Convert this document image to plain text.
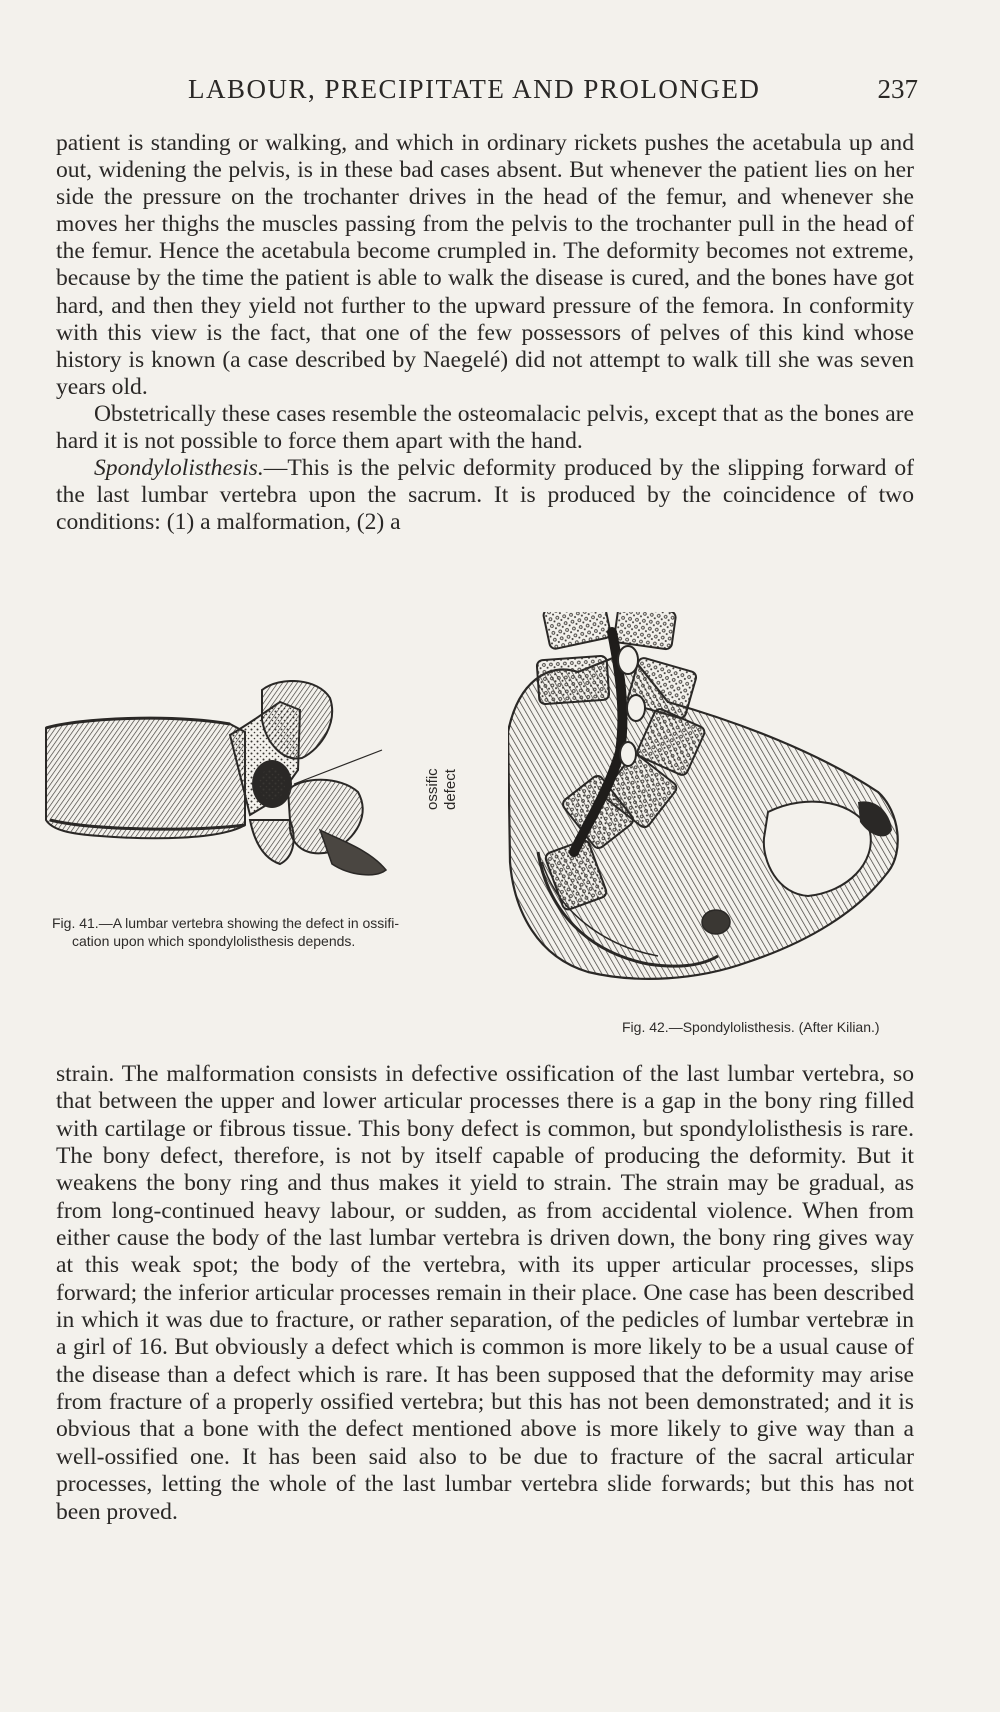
LABOUR, PRECIPITATE AND PROLONGED	237

patient is standing or walking, and which in ordinary rickets pushes the acetabula up and out, widening the pelvis, is in these bad cases absent. But whenever the patient lies on her side the pressure on the trochanter drives in the head of the femur, and whenever she moves her thighs the muscles passing from the pelvis to the trochanter pull in the head of the femur. Hence the acetabula become crumpled in. The deformity becomes not extreme, because by the time the patient is able to walk the disease is cured, and the bones have got hard, and then they yield not further to the upward pressure of the femora. In conformity with this view is the fact, that one of the few possessors of pelves of this kind whose history is known (a case described by Naegelé) did not attempt to walk till she was seven years old.

Obstetrically these cases resemble the osteomalacic pelvis, except that as the bones are hard it is not possible to force them apart with the hand.

Spondylolisthesis.—This is the pelvic deformity produced by the slipping forward of the last lumbar vertebra upon the sacrum. It is produced by the coincidence of two conditions: (1) a malformation, (2) a

ossific defect
Fig. 41.—A lumbar vertebra showing the defect in ossifi-
cation upon which spondylolisthesis depends.
Fig. 42.—Spondylolisthesis. (After Kilian.)

strain. The malformation consists in defective ossification of the last lumbar vertebra, so that between the upper and lower articular processes there is a gap in the bony ring filled with cartilage or fibrous tissue. This bony defect is common, but spondylolisthesis is rare. The bony defect, therefore, is not by itself capable of producing the deformity. But it weakens the bony ring and thus makes it yield to strain. The strain may be gradual, as from long-continued heavy labour, or sudden, as from accidental violence. When from either cause the body of the last lumbar vertebra is driven down, the bony ring gives way at this weak spot; the body of the vertebra, with its upper articular processes, slips forward; the inferior articular processes remain in their place. One case has been described in which it was due to fracture, or rather separation, of the pedicles of lumbar vertebræ in a girl of 16. But obviously a defect which is common is more likely to be a usual cause of the disease than a defect which is rare. It has been supposed that the deformity may arise from fracture of a properly ossified vertebra; but this has not been demonstrated; and it is obvious that a bone with the defect mentioned above is more likely to give way than a well-ossified one. It has been said also to be due to fracture of the sacral articular processes, letting the whole of the last lumbar vertebra slide forwards; but this has not been proved.
